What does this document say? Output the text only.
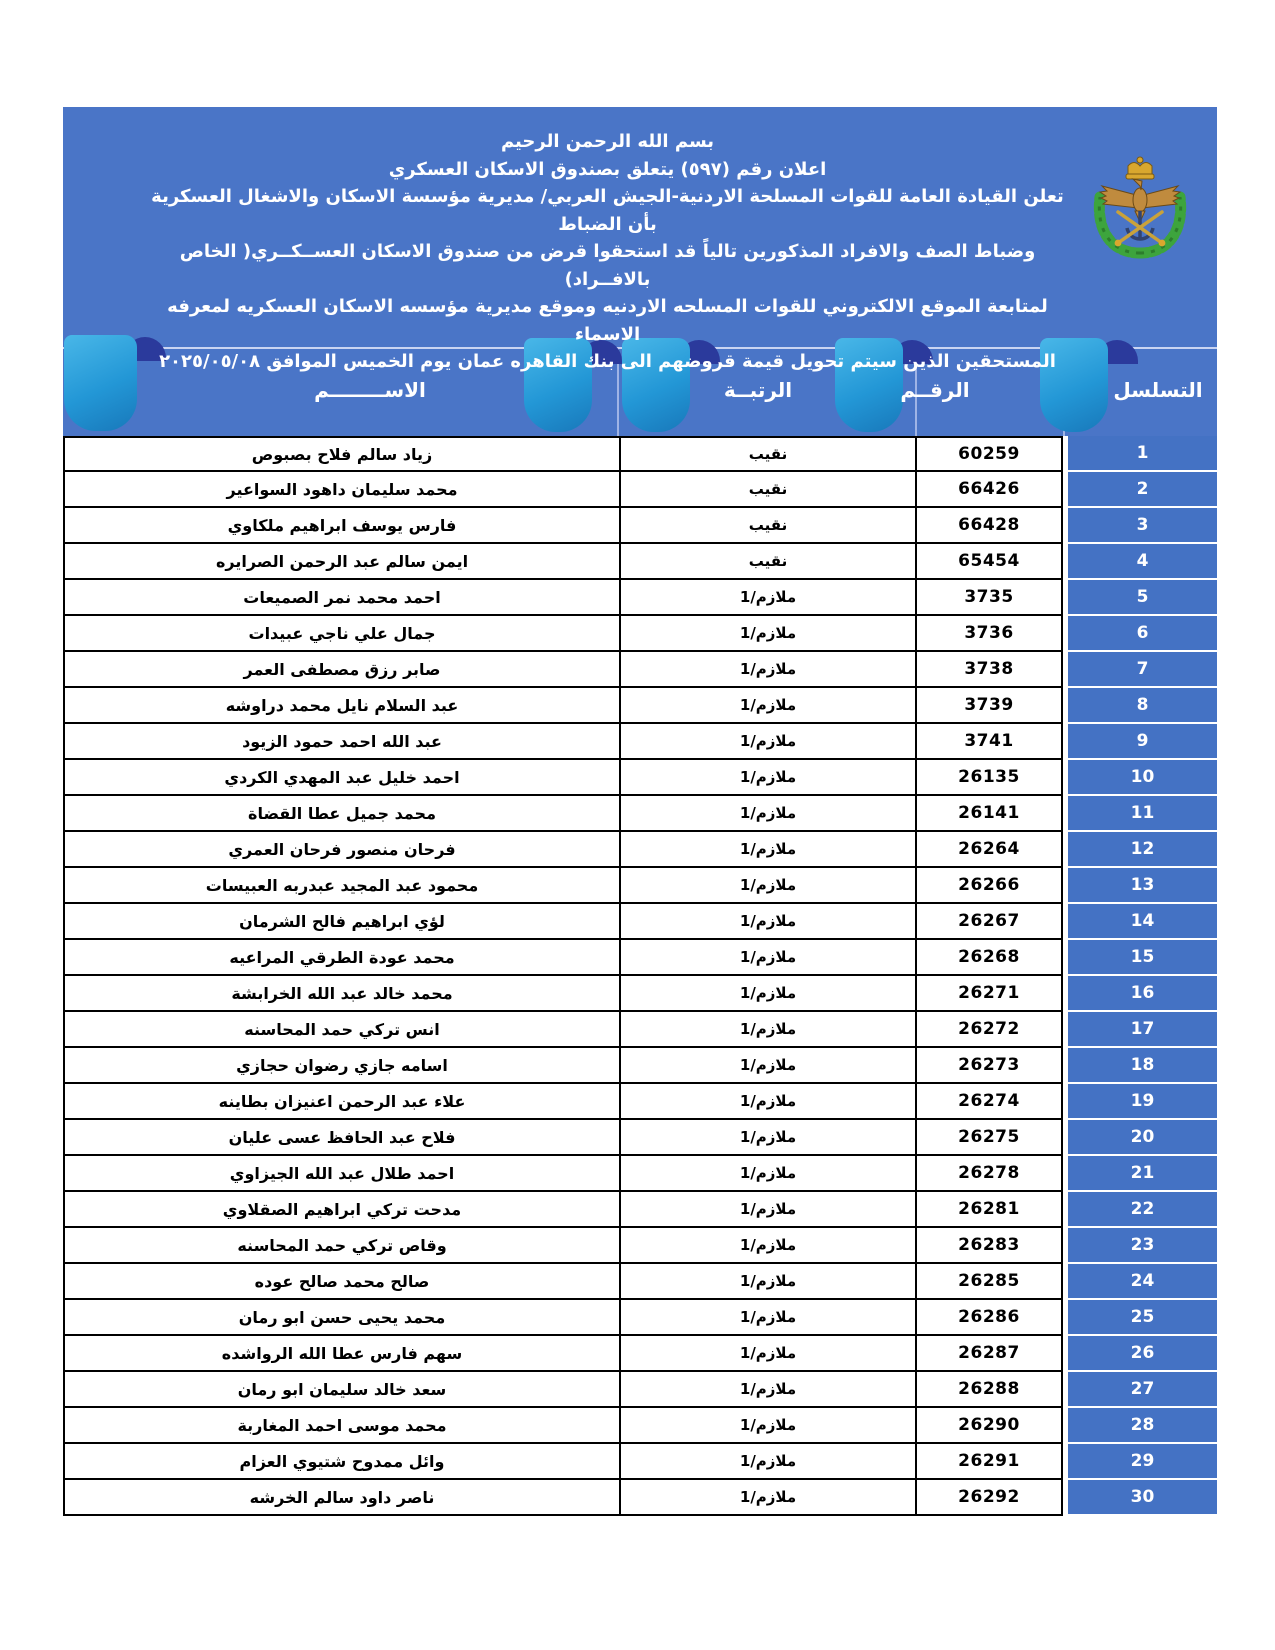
بسم الله الرحمن الرحيم
اعلان رقم (٥٩٧) يتعلق بصندوق الاسكان العسكري
تعلن القيادة العامة للقوات المسلحة الاردنية-الجيش العربي/ مديرية مؤسسة الاسكان والاشغال العسكرية بأن الضباط
وضباط الصف والافراد المذكورين تالياً قد استحقوا قرض من صندوق الاسكان العســكــري( الخاص بالافــراد)
لمتابعة الموقع الالكتروني للقوات المسلحه الاردنيه وموقع مديرية مؤسسه الاسكان العسكريه لمعرفه الاسماء
المستحقين الذين سيتم تحويل قيمة قروضهم الى بنك القاهره عمان يوم الخميس الموافق ٢٠٢٥/٠٥/٠٨
الاســــــــم	الرتبــة	الرقــم	التسلسل
زياد سالم فلاح بصبوص	نقيب	60259	1
محمد سليمان داهود السواعير	نقيب	66426	2
فارس يوسف ابراهيم ملكاوي	نقيب	66428	3
ايمن سالم عبد الرحمن الصرايره	نقيب	65454	4
احمد محمد نمر الصميعات	ملازم/1	3735	5
جمال علي ناجي عبيدات	ملازم/1	3736	6
صابر رزق مصطفى العمر	ملازم/1	3738	7
عبد السلام نايل محمد دراوشه	ملازم/1	3739	8
عبد الله احمد حمود الزيود	ملازم/1	3741	9
احمد خليل عبد المهدي الكردي	ملازم/1	26135	10
محمد جميل عطا القضاة	ملازم/1	26141	11
فرحان منصور فرحان العمري	ملازم/1	26264	12
محمود عبد المجيد عبدربه العبيسات	ملازم/1	26266	13
لؤي ابراهيم فالح الشرمان	ملازم/1	26267	14
محمد عودة الطرقي المراعيه	ملازم/1	26268	15
محمد خالد عبد الله الخرابشة	ملازم/1	26271	16
انس تركي حمد المحاسنه	ملازم/1	26272	17
اسامه جازي رضوان حجازي	ملازم/1	26273	18
علاء عبد الرحمن اعنيزان بطاينه	ملازم/1	26274	19
فلاح عبد الحافظ عسى عليان	ملازم/1	26275	20
احمد طلال عبد الله الجيزاوي	ملازم/1	26278	21
مدحت تركي ابراهيم الصقلاوي	ملازم/1	26281	22
وقاص تركي حمد المحاسنه	ملازم/1	26283	23
صالح محمد صالح عوده	ملازم/1	26285	24
محمد يحيى حسن ابو رمان	ملازم/1	26286	25
سهم فارس عطا الله الرواشده	ملازم/1	26287	26
سعد خالد سليمان ابو رمان	ملازم/1	26288	27
محمد موسى احمد المغاربة	ملازم/1	26290	28
وائل ممدوح شتيوي العزام	ملازم/1	26291	29
ناصر داود سالم الخرشه	ملازم/1	26292	30
